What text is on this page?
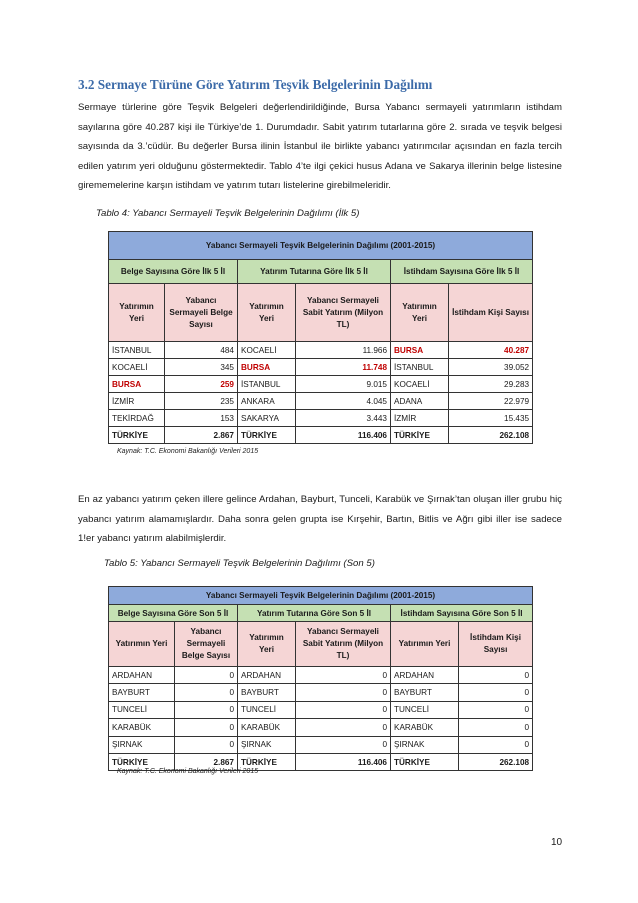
3.2 Sermaye Türüne Göre Yatırım Teşvik Belgelerinin Dağılımı

Sermaye türlerine göre Teşvik Belgeleri değerlendirildiğinde, Bursa Yabancı sermayeli yatırımların istihdam sayılarına göre 40.287 kişi ile Türkiye’de 1. Durumdadır. Sabit yatırım tutarlarına göre 2. sırada ve teşvik belgesi sayısında da 3.’cüdür. Bu değerler Bursa ilinin İstanbul ile birlikte yabancı yatırımcılar açısından en fazla tercih edilen yatırım yeri olduğunu göstermektedir. Tablo 4’te ilgi çekici husus Adana ve Sakarya illerinin belge listesine girememelerine karşın istihdam ve yatırım tutarı listelerine girebilmeleridir.

Tablo 4: Yabancı Sermayeli Teşvik Belgelerinin Dağılımı (İlk 5)
Yabancı Sermayeli Teşvik Belgelerinin Dağılımı (2001-2015)					
Belge Sayısına Göre İlk 5 İl		Yatırım Tutarına Göre İlk 5 İl		İstihdam Sayısına Göre İlk 5 İl	
Yatırımın Yeri	Yabancı Sermayeli Belge Sayısı	Yatırımın Yeri	Yabancı Sermayeli Sabit Yatırım (Milyon TL)	Yatırımın Yeri	İstihdam Kişi Sayısı
İSTANBUL	484	KOCAELİ	11.966	BURSA	40.287
KOCAELİ	345	BURSA	11.748	İSTANBUL	39.052
BURSA	259	İSTANBUL	9.015	KOCAELİ	29.283
İZMİR	235	ANKARA	4.045	ADANA	22.979
TEKİRDAĞ	153	SAKARYA	3.443	İZMİR	15.435
TÜRKİYE	2.867	TÜRKİYE	116.406	TÜRKİYE	262.108
Kaynak: T.C. Ekonomi Bakanlığı Verileri 2015

En az yabancı yatırım çeken illere gelince Ardahan, Bayburt, Tunceli, Karabük ve Şırnak’tan oluşan iller grubu hiç yabancı yatırım alamamışlardır. Daha sonra gelen grupta ise Kırşehir, Bartın, Bitlis ve Ağrı gibi iller ise sadece 1!er yabancı yatırım alabilmişlerdir.

Tablo 5: Yabancı Sermayeli Teşvik Belgelerinin Dağılımı (Son 5)
Yabancı Sermayeli Teşvik Belgelerinin Dağılımı (2001-2015)					
Belge Sayısına Göre Son 5 İl		Yatırım Tutarına Göre Son 5 İl		İstihdam Sayısına Göre Son 5 İl	
Yatırımın Yeri	Yabancı Sermayeli Belge Sayısı	Yatırımın Yeri	Yabancı Sermayeli Sabit Yatırım (Milyon TL)	Yatırımın Yeri	İstihdam Kişi Sayısı
ARDAHAN	0	ARDAHAN	0	ARDAHAN	0
BAYBURT	0	BAYBURT	0	BAYBURT	0
TUNCELİ	0	TUNCELİ	0	TUNCELİ	0
KARABÜK	0	KARABÜK	0	KARABÜK	0
ŞIRNAK	0	ŞIRNAK	0	ŞIRNAK	0
TÜRKİYE	2.867	TÜRKİYE	116.406	TÜRKİYE	262.108
Kaynak: T.C. Ekonomi Bakanlığı Verileri 2015
10
